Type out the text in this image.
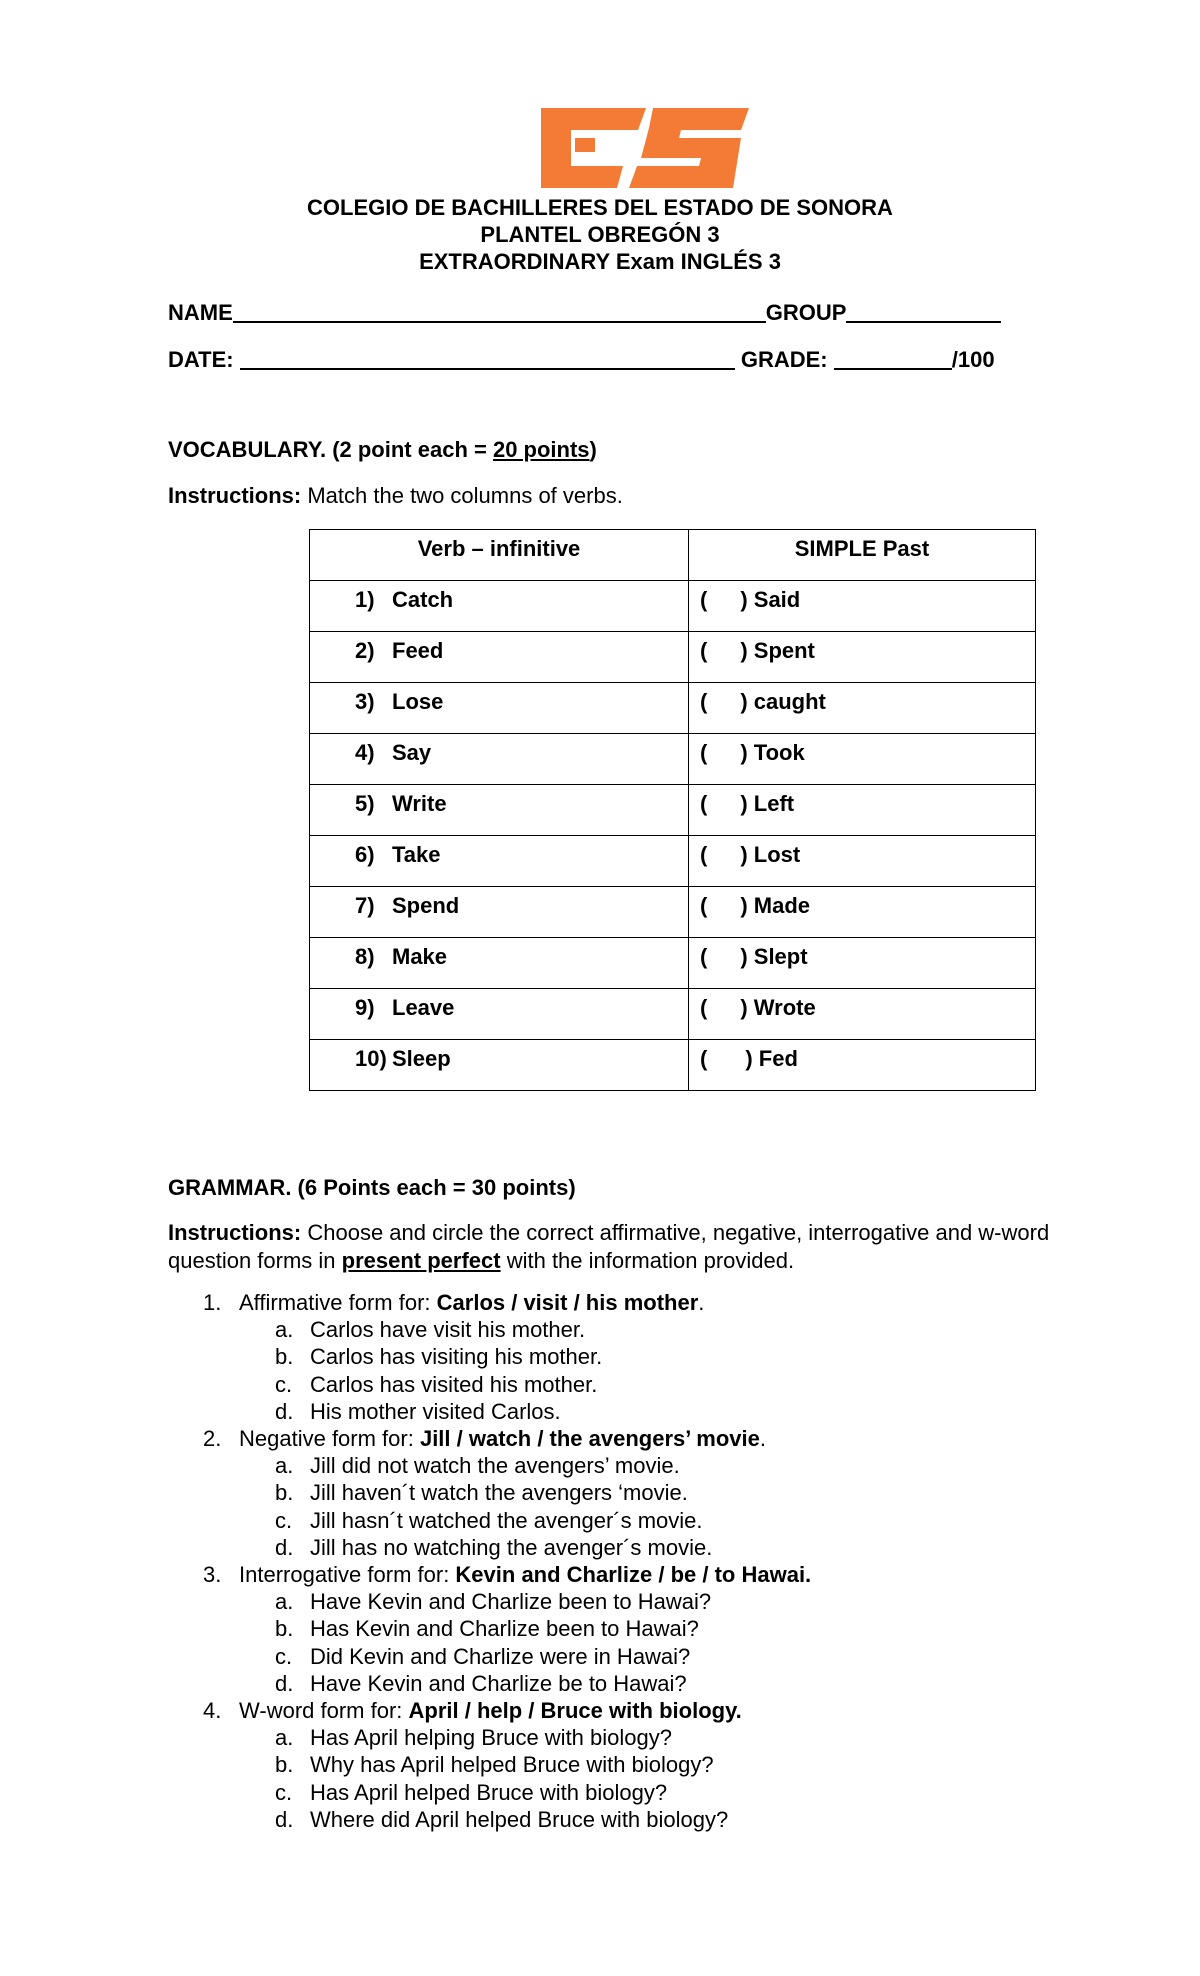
COLEGIO DE BACHILLERES DEL ESTADO DE SONORA
PLANTEL OBREGÓN 3
EXTRAORDINARY Exam INGLÉS 3
NAME	GROUP
DATE:	GRADE:	/100
VOCABULARY. (2 point each = 20 points)
Instructions: Match the two columns of verbs.
Verb – infinitive	SIMPLE Past

1) Catch	( ) Said

2) Feed	( ) Spent

3) Lose	( ) caught

4) Say	( ) Took

5) Write	( ) Left

6) Take	( ) Lost

7) Spend	( ) Made

8) Make	( ) Slept

9) Leave	( ) Wrote

10) Sleep	( ) Fed
GRAMMAR. (6 Points each = 30 points)
Instructions: Choose and circle the correct affirmative, negative, interrogative and w-word question forms in present perfect with the information provided.
1. Affirmative form for: Carlos / visit / his mother.
a. Carlos have visit his mother.
b. Carlos has visiting his mother.
c. Carlos has visited his mother.
d. His mother visited Carlos.
2. Negative form for: Jill / watch / the avengers’ movie.
a. Jill did not watch the avengers’ movie.
b. Jill haven´t watch the avengers ‘movie.
c. Jill hasn´t watched the avenger´s movie.
d. Jill has no watching the avenger´s movie.
3. Interrogative form for: Kevin and Charlize / be / to Hawai.
a. Have Kevin and Charlize been to Hawai?
b. Has Kevin and Charlize been to Hawai?
c. Did Kevin and Charlize were in Hawai?
d. Have Kevin and Charlize be to Hawai?
4. W-word form for: April / help / Bruce with biology.
a. Has April helping Bruce with biology?
b. Why has April helped Bruce with biology?
c. Has April helped Bruce with biology?
d. Where did April helped Bruce with biology?
